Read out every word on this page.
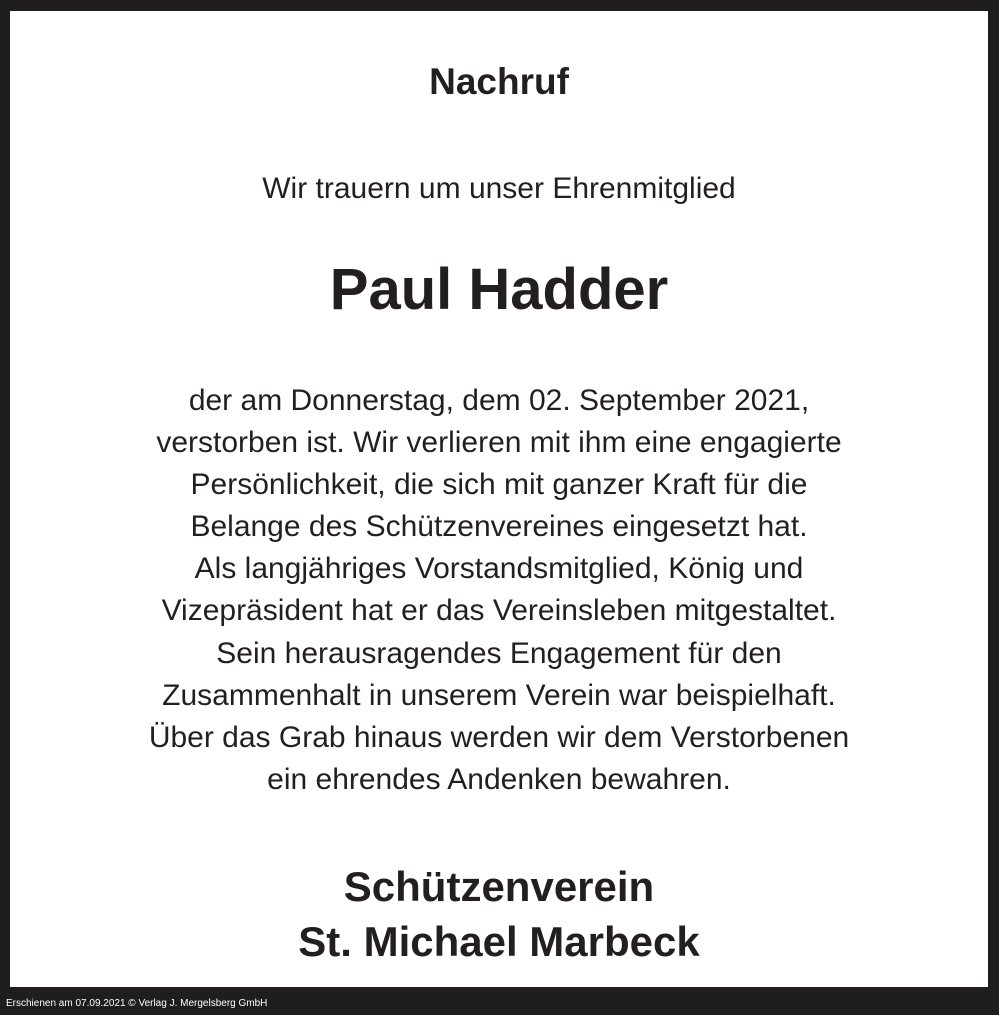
Nachruf
Wir trauern um unser Ehrenmitglied
Paul Hadder
der am Donnerstag, dem 02. September 2021,
verstorben ist. Wir verlieren mit ihm eine engagierte
Persönlichkeit, die sich mit ganzer Kraft für die
Belange des Schützenvereines eingesetzt hat.
Als langjähriges Vorstandsmitglied, König und
Vizepräsident hat er das Vereinsleben mitgestaltet.
Sein herausragendes Engagement für den
Zusammenhalt in unserem Verein war beispielhaft.
Über das Grab hinaus werden wir dem Verstorbenen
ein ehrendes Andenken bewahren.
Schützenverein
St. Michael Marbeck
Erschienen am 07.09.2021 © Verlag J. Mergelsberg GmbH
